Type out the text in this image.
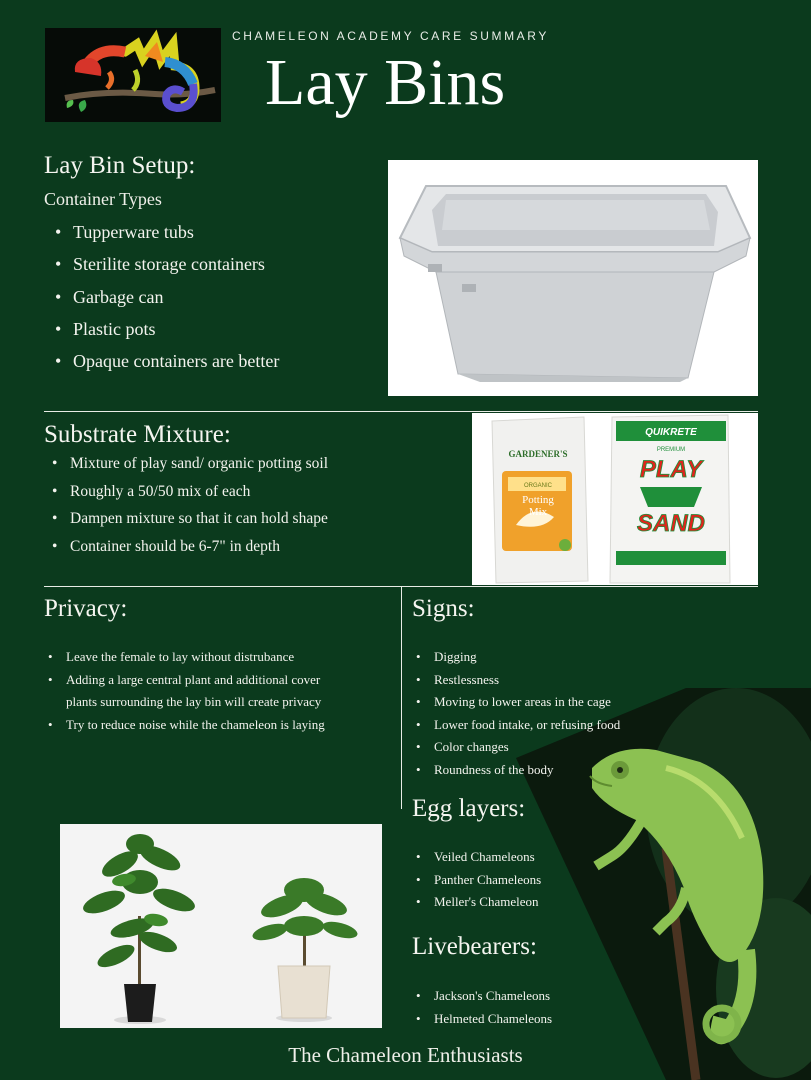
CHAMELEON ACADEMY CARE SUMMARY
Lay Bins
Lay Bin Setup:
Container Types
• Tupperware tubs
• Sterilite storage containers
• Garbage can
• Plastic pots
• Opaque containers are better
Substrate Mixture:
• Mixture of play sand/ organic potting soil
• Roughly a 50/50 mix of each
• Dampen mixture so that it can hold shape
• Container should be 6-7" in depth
GARDENER'S
ORGANIC
Potting
Mix
QUIKRETE
PREMIUM
PLAY
SAND
Privacy:
• Leave the female to lay without distrubance
• Adding a large central plant and additional cover plants surrounding the lay bin will create privacy
• Try to reduce noise while the chameleon is laying
Signs:
• Digging
• Restlessness
• Moving to lower areas in the cage
• Lower food intake, or refusing food
• Color changes
• Roundness of the body
Egg layers:
• Veiled Chameleons
• Panther Chameleons
• Meller's Chameleon
Livebearers:
• Jackson's Chameleons
• Helmeted Chameleons
The Chameleon Enthusiasts
